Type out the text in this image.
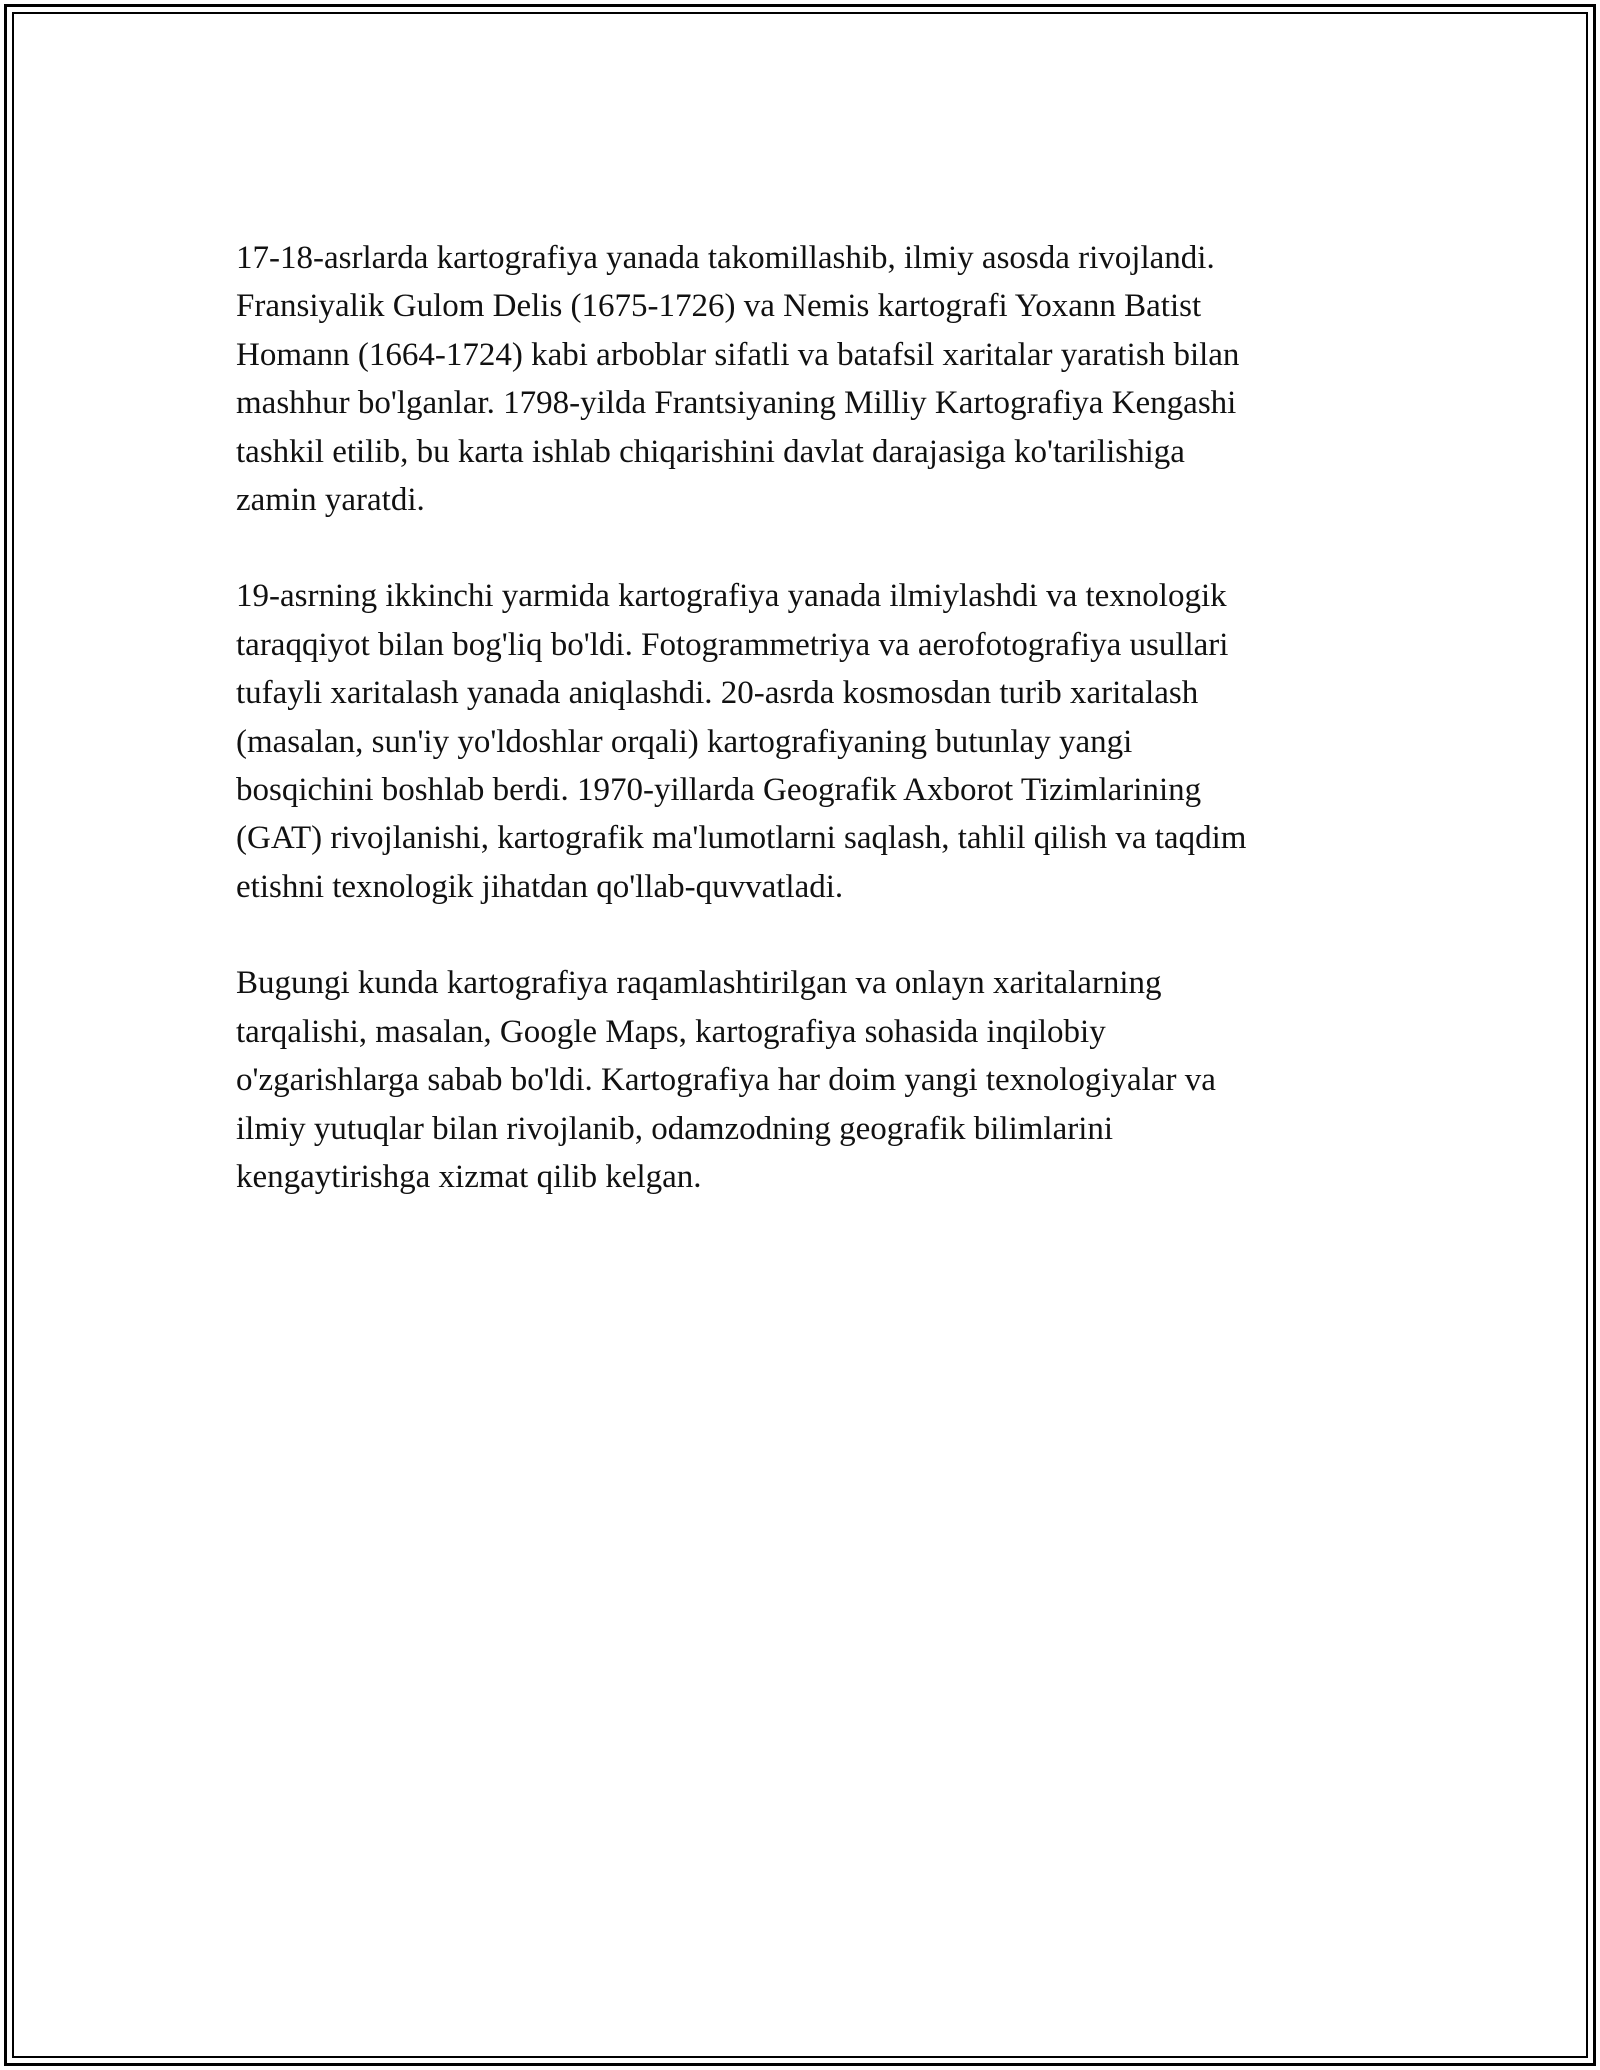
17-18-asrlarda kartografiya yanada takomillashib, ilmiy asosda rivojlandi.
Fransiyalik Gulom Delis (1675-1726) va Nemis kartografi Yoxann Batist
Homann (1664-1724) kabi arboblar sifatli va batafsil xaritalar yaratish bilan
mashhur bo'lganlar. 1798-yilda Frantsiyaning Milliy Kartografiya Kengashi
tashkil etilib, bu karta ishlab chiqarishini davlat darajasiga ko'tarilishiga
zamin yaratdi.

19-asrning ikkinchi yarmida kartografiya yanada ilmiylashdi va texnologik
taraqqiyot bilan bog'liq bo'ldi. Fotogrammetriya va aerofotografiya usullari
tufayli xaritalash yanada aniqlashdi. 20-asrda kosmosdan turib xaritalash
(masalan, sun'iy yo'ldoshlar orqali) kartografiyaning butunlay yangi
bosqichini boshlab berdi. 1970-yillarda Geografik Axborot Tizimlarining
(GAT) rivojlanishi, kartografik ma'lumotlarni saqlash, tahlil qilish va taqdim
etishni texnologik jihatdan qo'llab-quvvatladi.

Bugungi kunda kartografiya raqamlashtirilgan va onlayn xaritalarning
tarqalishi, masalan, Google Maps, kartografiya sohasida inqilobiy
o'zgarishlarga sabab bo'ldi. Kartografiya har doim yangi texnologiyalar va
ilmiy yutuqlar bilan rivojlanib, odamzodning geografik bilimlarini
kengaytirishga xizmat qilib kelgan.
